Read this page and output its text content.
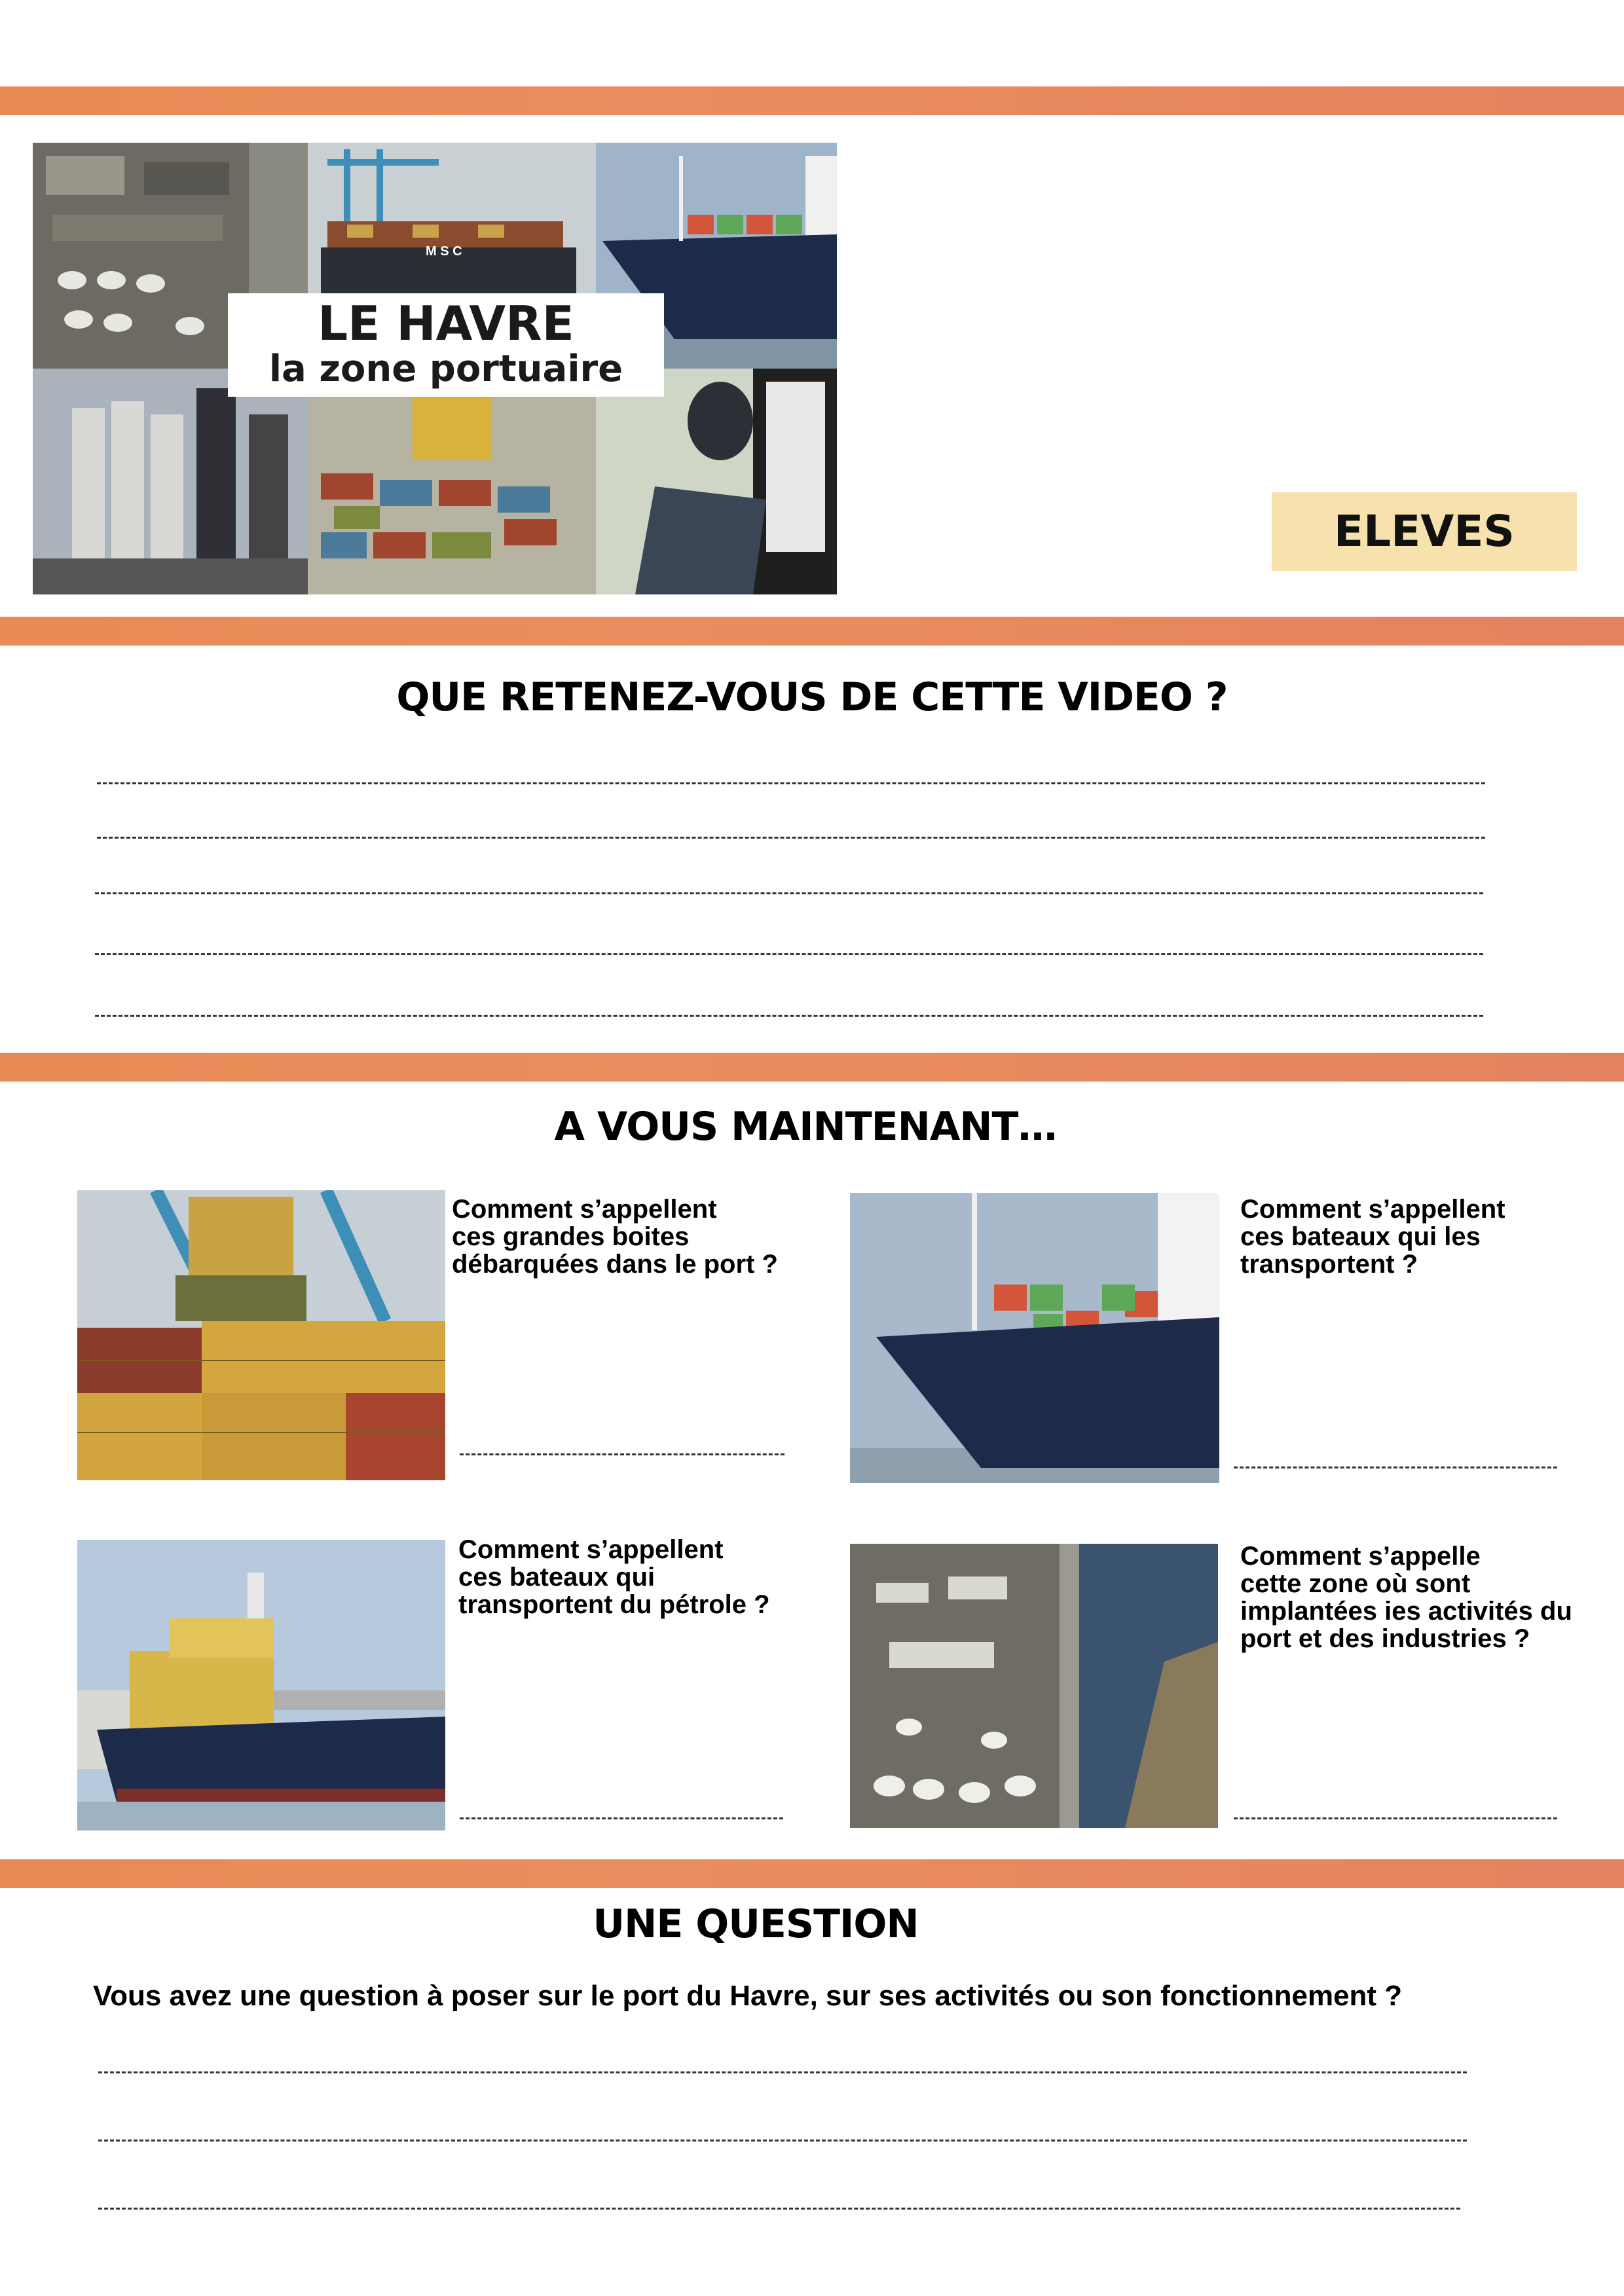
M S C
LE HAVRE
la zone portuaire
ELEVES
QUE RETENEZ-VOUS DE CETTE VIDEO ?
A VOUS MAINTENANT…
Comment s’appellent
ces grandes boites
débarquées dans le port ?
Comment s’appellent
ces bateaux qui les
transportent ?
Comment s’appellent
ces bateaux qui
transportent du pétrole ?
Comment s’appelle
cette zone où sont
implantées ies activités du
port et des industries ?
UNE QUESTION
Vous avez une question à poser sur le port du Havre, sur ses activités ou son fonctionnement ?
